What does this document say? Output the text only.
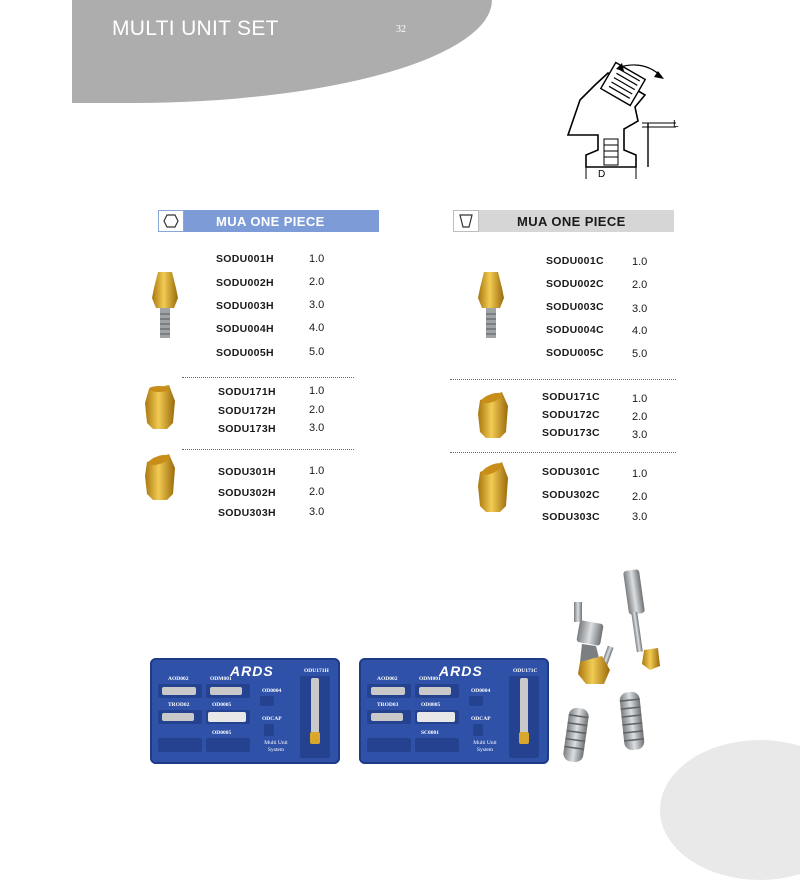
MULTI UNIT SET	32
L
D
MUA ONE PIECE	MUA ONE PIECE
SODU001H	1.0
SODU002H	2.0
SODU003H	3.0
SODU004H	4.0
SODU005H	5.0
SODU171H	1.0
SODU172H	2.0
SODU173H	3.0
SODU301H	1.0
SODU302H	2.0
SODU303H	3.0
SODU001C	1.0
SODU002C	2.0
SODU003C	3.0
SODU004C	4.0
SODU005C	5.0
SODU171C	1.0
SODU172C	2.0
SODU173C	3.0
SODU301C	1.0
SODU302C	2.0
SODU303C	3.0
ARDS
AOD002	ODM001
ODU171H
TROD02
OD0004
OD0005
ODCAP
OD0005
Multi Unit System
ARDS
AOD002	ODM001
ODU171C
TROD03
OD0004
OD0005
ODCAP
SC0001
Multi Unit System
